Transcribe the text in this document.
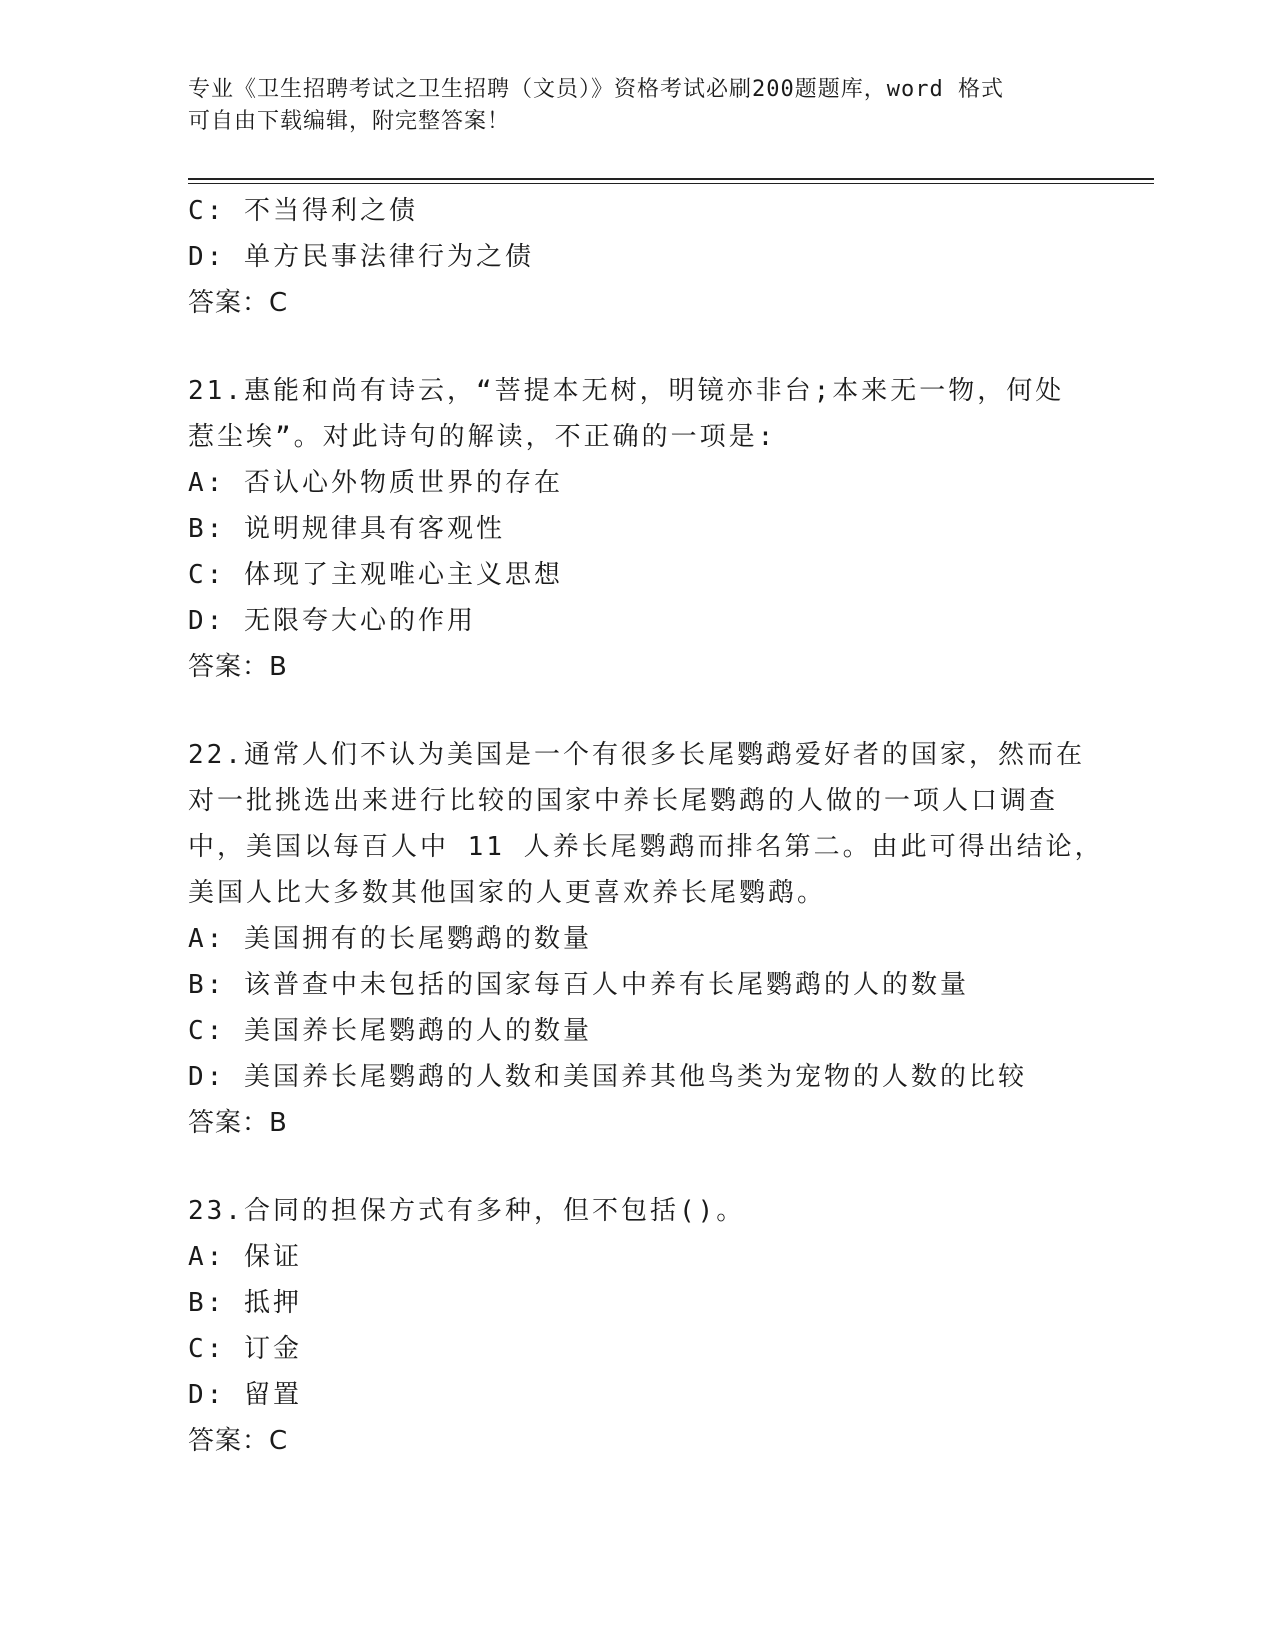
专业《卫生招聘考试之卫生招聘（文员）》资格考试必刷200题题库，word 格式
可自由下载编辑，附完整答案！
C: 不当得利之债
D: 单方民事法律行为之债
答案：C
21.惠能和尚有诗云，“菩提本无树，明镜亦非台;本来无一物，何处
惹尘埃”。对此诗句的解读，不正确的一项是:
A: 否认心外物质世界的存在
B: 说明规律具有客观性
C: 体现了主观唯心主义思想
D: 无限夸大心的作用
答案：B
22.通常人们不认为美国是一个有很多长尾鹦鹉爱好者的国家，然而在
对一批挑选出来进行比较的国家中养长尾鹦鹉的人做的一项人口调查
中，美国以每百人中 11 人养长尾鹦鹉而排名第二。由此可得出结论，
美国人比大多数其他国家的人更喜欢养长尾鹦鹉。
A: 美国拥有的长尾鹦鹉的数量
B: 该普查中未包括的国家每百人中养有长尾鹦鹉的人的数量
C: 美国养长尾鹦鹉的人的数量
D: 美国养长尾鹦鹉的人数和美国养其他鸟类为宠物的人数的比较
答案：B
23.合同的担保方式有多种，但不包括()。
A: 保证
B: 抵押
C: 订金
D: 留置
答案：C
